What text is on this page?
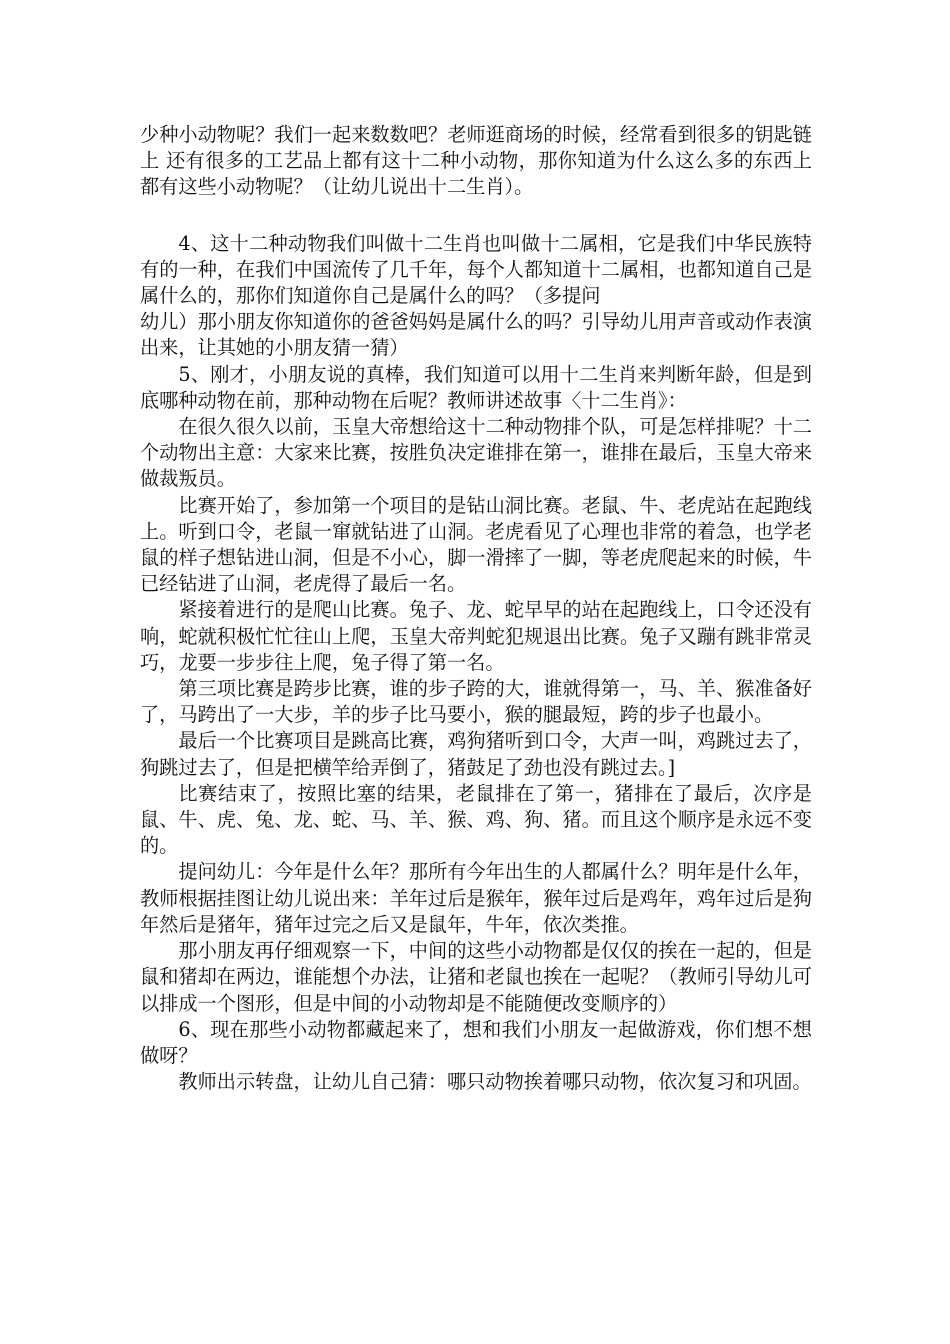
少种小动物呢？我们一起来数数吧？老师逛商场的时候，经常看到很多的钥匙链上 还有很多的工艺品上都有这十二种小动物，那你知道为什么这么多的东西上都有这些小动物呢？（让幼儿说出十二生肖）。

4、这十二种动物我们叫做十二生肖也叫做十二属相，它是我们中华民族特有的一种，在我们中国流传了几千年，每个人都知道十二属相，也都知道自己是属什么的，那你们知道你自己是属什么的吗？（多提问

幼儿）那小朋友你知道你的爸爸妈妈是属什么的吗？引导幼儿用声音或动作表演出来，让其她的小朋友猜一猜）

5、刚才，小朋友说的真棒，我们知道可以用十二生肖来判断年龄，但是到底哪种动物在前，那种动物在后呢？教师讲述故事〈十二生肖》：

在很久很久以前，玉皇大帝想给这十二种动物排个队，可是怎样排呢？十二个动物出主意：大家来比赛，按胜负决定谁排在第一，谁排在最后，玉皇大帝来做裁叛员。

比赛开始了，参加第一个项目的是钻山洞比赛。老鼠、牛、老虎站在起跑线上。听到口令，老鼠一窜就钻进了山洞。老虎看见了心理也非常的着急，也学老鼠的样子想钻进山洞，但是不小心，脚一滑摔了一脚，等老虎爬起来的时候，牛已经钻进了山洞，老虎得了最后一名。

紧接着进行的是爬山比赛。兔子、龙、蛇早早的站在起跑线上，口令还没有响，蛇就积极忙忙往山上爬，玉皇大帝判蛇犯规退出比赛。兔子又蹦有跳非常灵巧，龙要一步步往上爬，兔子得了第一名。

第三项比赛是跨步比赛，谁的步子跨的大，谁就得第一，马、羊、猴准备好了，马跨出了一大步，羊的步子比马要小，猴的腿最短，跨的步子也最小。

最后一个比赛项目是跳高比赛，鸡狗猪听到口令，大声一叫，鸡跳过去了，狗跳过去了，但是把横竿给弄倒了，猪鼓足了劲也没有跳过去。]

比赛结束了，按照比塞的结果，老鼠排在了第一，猪排在了最后，次序是鼠、牛、虎、兔、龙、蛇、马、羊、猴、鸡、狗、猪。而且这个顺序是永远不变的。

提问幼儿：今年是什么年？那所有今年出生的人都属什么？明年是什么年，教师根据挂图让幼儿说出来：羊年过后是猴年，猴年过后是鸡年，鸡年过后是狗年然后是猪年，猪年过完之后又是鼠年，牛年，依次类推。

那小朋友再仔细观察一下，中间的这些小动物都是仅仅的挨在一起的，但是鼠和猪却在两边，谁能想个办法，让猪和老鼠也挨在一起呢？（教师引导幼儿可以排成一个图形，但是中间的小动物却是不能随便改变顺序的）

6、现在那些小动物都藏起来了，想和我们小朋友一起做游戏，你们想不想做呀？

教师出示转盘，让幼儿自己猜：哪只动物挨着哪只动物，依次复习和巩固。
